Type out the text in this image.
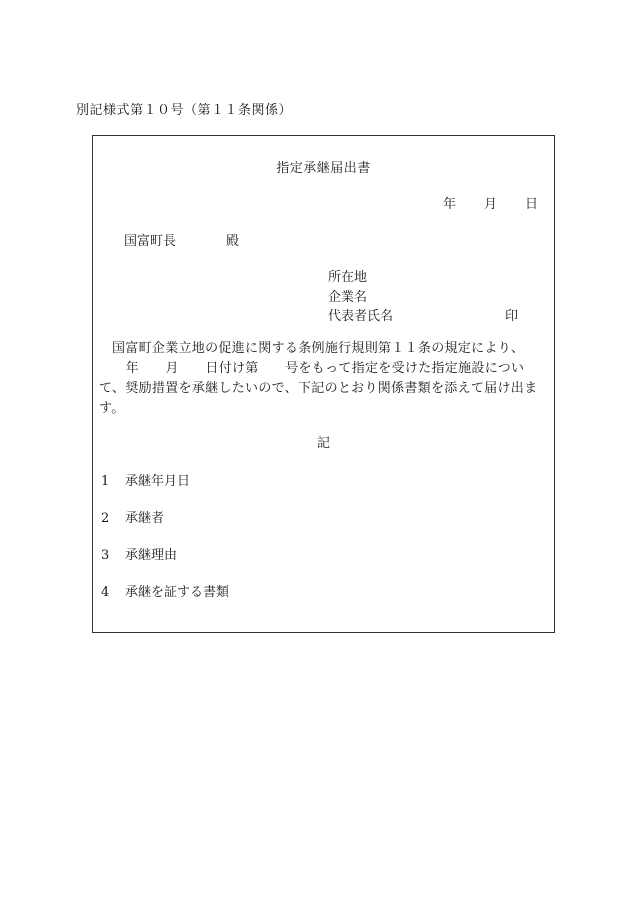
別記様式第１０号（第１１条関係）
指定承継届出書
年 月 日
国富町長	殿
所在地
企業名
代表者氏名	印
国富町企業立地の促進に関する条例施行規則第１１条の規定により、
　　年　　月　　日付け第　　号をもって指定を受けた指定施設につい
て、奨励措置を承継したいので、下記のとおり関係書類を添えて届け出ま
す。
記
1 承継年月日
2 承継者
3 承継理由
4 承継を証する書類
